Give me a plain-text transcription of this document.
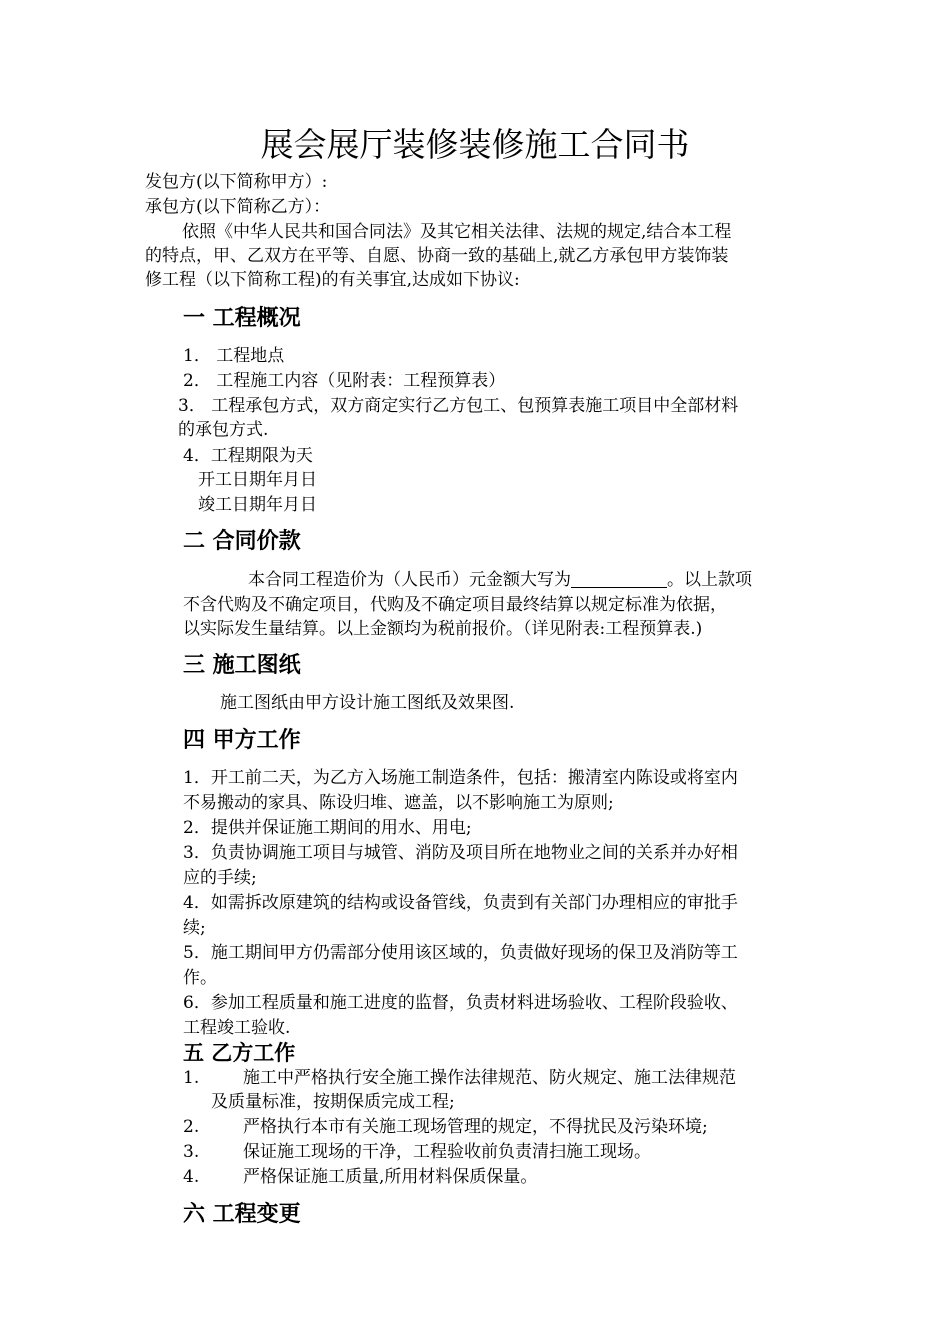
展会展厅装修装修施工合同书
发包方(以下简称甲方）:
承包方(以下简称乙方）：
依照《中华人民共和国合同法》及其它相关法律、法规的规定,结合本工程
的特点，甲、乙双方在平等、自愿、协商一致的基础上,就乙方承包甲方装饰装
修工程（以下简称工程)的有关事宜,达成如下协议:
一 工程概况
1． 工程地点
2． 工程施工内容（见附表：工程预算表）
3． 工程承包方式，双方商定实行乙方包工、包预算表施工项目中全部材料
的承包方式.
4．工程期限为天
开工日期年月日
竣工日期年月日
二 合同价款
本合同工程造价为（人民币）元金额大写为	。以上款项
不含代购及不确定项目，代购及不确定项目最终结算以规定标准为依据，
以实际发生量结算。以上金额均为税前报价。（详见附表:工程预算表.)
三 施工图纸
施工图纸由甲方设计施工图纸及效果图.
四 甲方工作
1．开工前二天，为乙方入场施工制造条件，包括：搬清室内陈设或将室内
不易搬动的家具、陈设归堆、遮盖，以不影响施工为原则;
2．提供并保证施工期间的用水、用电;
3．负责协调施工项目与城管、消防及项目所在地物业之间的关系并办好相
应的手续;
4．如需拆改原建筑的结构或设备管线，负责到有关部门办理相应的审批手
续;
5．施工期间甲方仍需部分使用该区域的，负责做好现场的保卫及消防等工
作。
6．参加工程质量和施工进度的监督，负责材料进场验收、工程阶段验收、
工程竣工验收.
五 乙方工作
1.	施工中严格执行安全施工操作法律规范、防火规定、施工法律规范
及质量标准，按期保质完成工程;
2.	严格执行本市有关施工现场管理的规定，不得扰民及污染环境;
3.	保证施工现场的干净，工程验收前负责清扫施工现场。
4.	严格保证施工质量,所用材料保质保量。
六 工程变更
